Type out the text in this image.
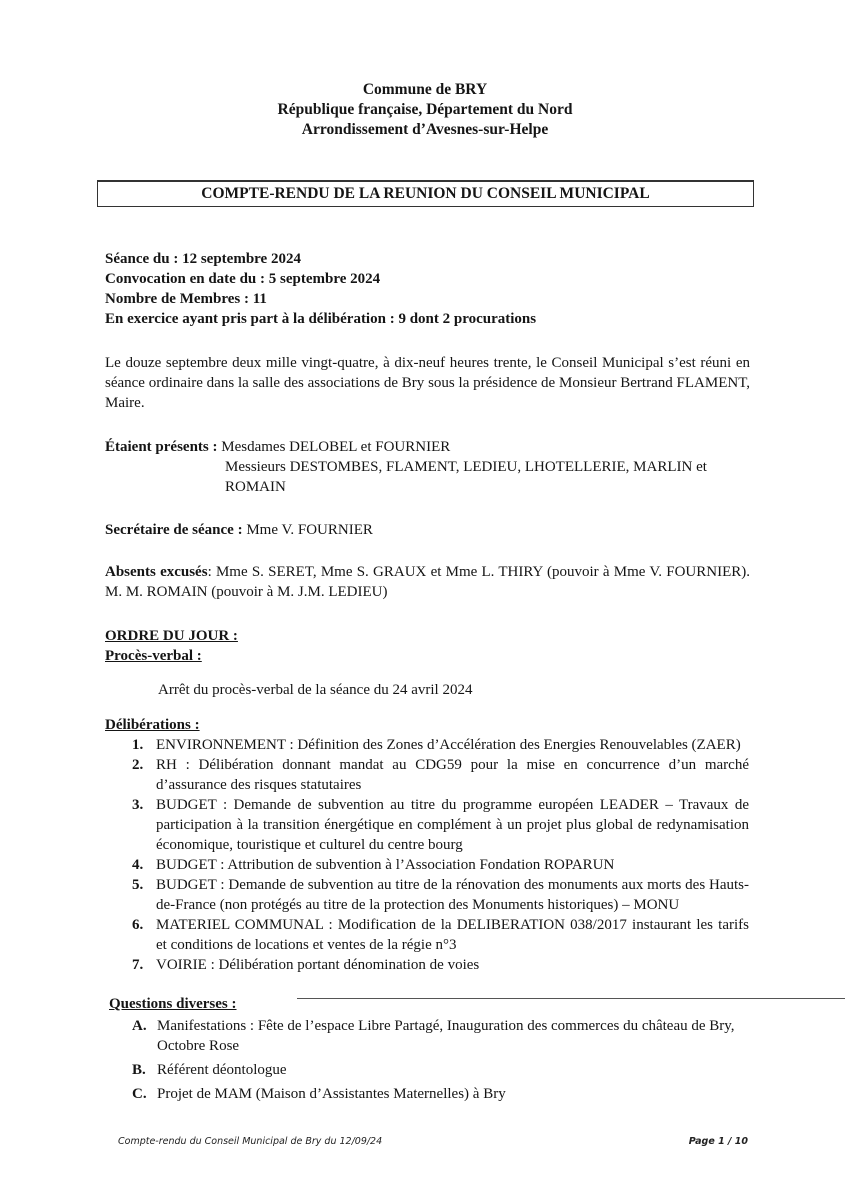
Commune de BRY
République française, Département du Nord
Arrondissement d’Avesnes-sur-Helpe
COMPTE-RENDU DE LA REUNION DU CONSEIL MUNICIPAL
Séance du : 12 septembre 2024
Convocation en date du : 5 septembre 2024
Nombre de Membres : 11
En exercice ayant pris part à la délibération : 9 dont 2 procurations
Le douze septembre deux mille vingt-quatre, à dix-neuf heures trente, le Conseil Municipal s’est réuni en séance ordinaire dans la salle des associations de Bry sous la présidence de Monsieur Bertrand FLAMENT, Maire.
Étaient présents : Mesdames DELOBEL et FOURNIER
Messieurs DESTOMBES, FLAMENT, LEDIEU, LHOTELLERIE, MARLIN et ROMAIN
Secrétaire de séance : Mme V. FOURNIER
Absents excusés: Mme S. SERET, Mme S. GRAUX et Mme L. THIRY (pouvoir à Mme V. FOURNIER). M. M. ROMAIN (pouvoir à M. J.M. LEDIEU)
ORDRE DU JOUR :
Procès-verbal :
Arrêt du procès-verbal de la séance du 24 avril 2024
Délibérations :
1. ENVIRONNEMENT : Définition des Zones d’Accélération des Energies Renouvelables (ZAER)
2. RH : Délibération donnant mandat au CDG59 pour la mise en concurrence d’un marché d’assurance des risques statutaires
3. BUDGET : Demande de subvention au titre du programme européen LEADER – Travaux de participation à la transition énergétique en complément à un projet plus global de redynamisation économique, touristique et culturel du centre bourg
4. BUDGET : Attribution de subvention à l’Association Fondation ROPARUN
5. BUDGET : Demande de subvention au titre de la rénovation des monuments aux morts des Hauts-de-France (non protégés au titre de la protection des Monuments historiques) – MONU
6. MATERIEL COMMUNAL : Modification de la DELIBERATION 038/2017 instaurant les tarifs et conditions de locations et ventes de la régie n°3
7. VOIRIE : Délibération portant dénomination de voies
Questions diverses :
A. Manifestations : Fête de l’espace Libre Partagé, Inauguration des commerces du château de Bry, Octobre Rose
B. Référent déontologue
C. Projet de MAM (Maison d’Assistantes Maternelles) à Bry
Compte-rendu du Conseil Municipal de Bry du 12/09/24	Page 1 / 10
